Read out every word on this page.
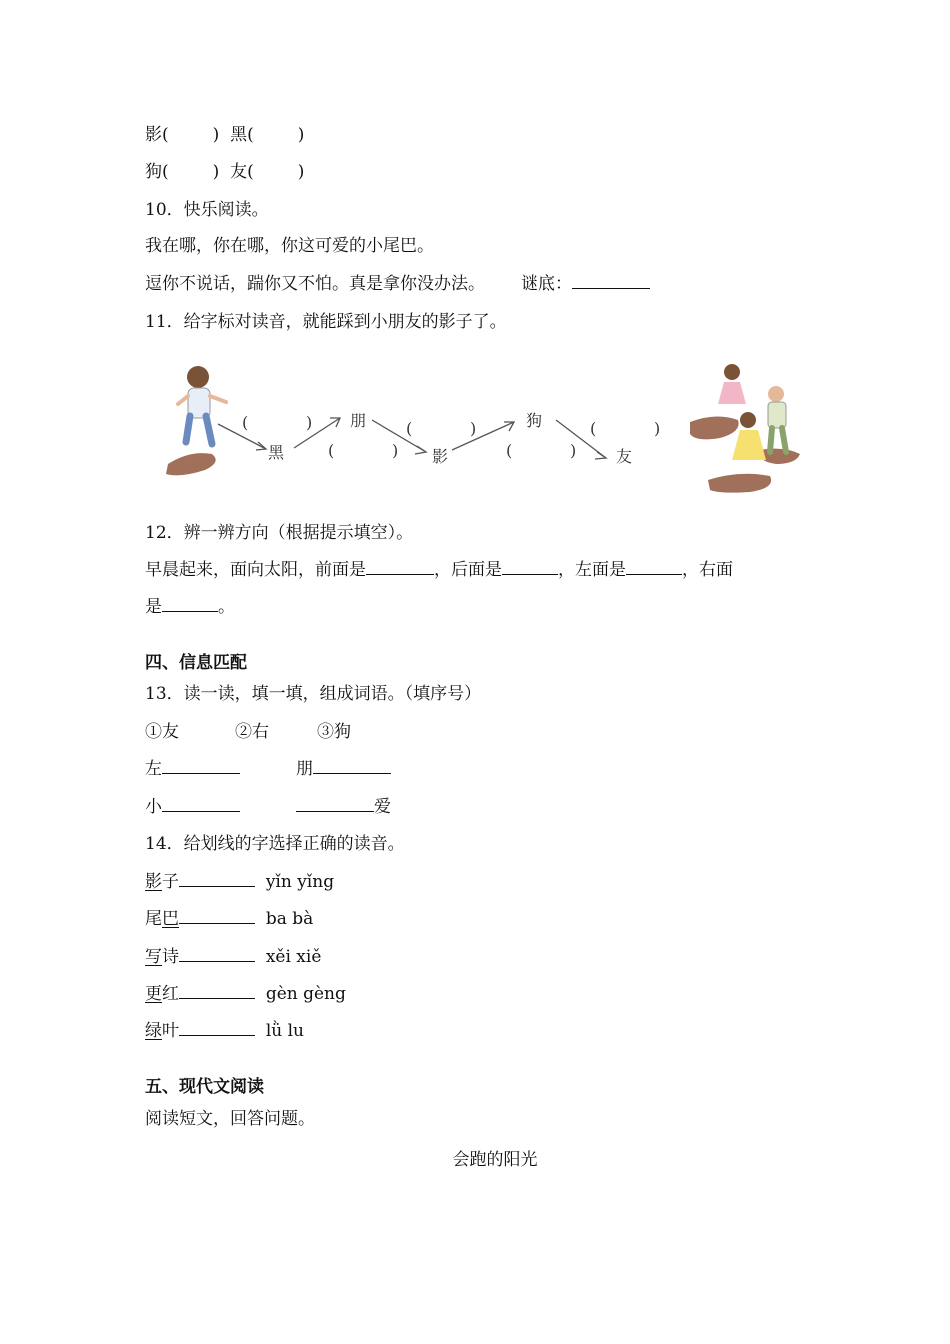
影(	) 黑(	)
狗(	) 友(	)
10．快乐阅读。
我在哪，你在哪，你这可爱的小尾巴。
逗你不说话，踹你又不怕。真是拿你没办法。 谜底：
11．给字标对读音，就能踩到小朋友的影子了。
黑
朋
影
狗
友
(	)	(	)	(	)
(	)	(	)
12．辨一辨方向（根据提示填空）。
早晨起来，面向太阳，前面是	，后面是	，左面是	，右面
是	。
四、信息匹配
13．读一读，填一填，组成词语。（填序号）
①友	②右	③狗
左	朋
小	爱
14．给划线的字选择正确的读音。
影子	yǐn yǐng
尾巴	ba bà
写诗	xěi xiě
更红	gèn gèng
绿叶	lǜ lu
五、现代文阅读
阅读短文，回答问题。
会跑的阳光
